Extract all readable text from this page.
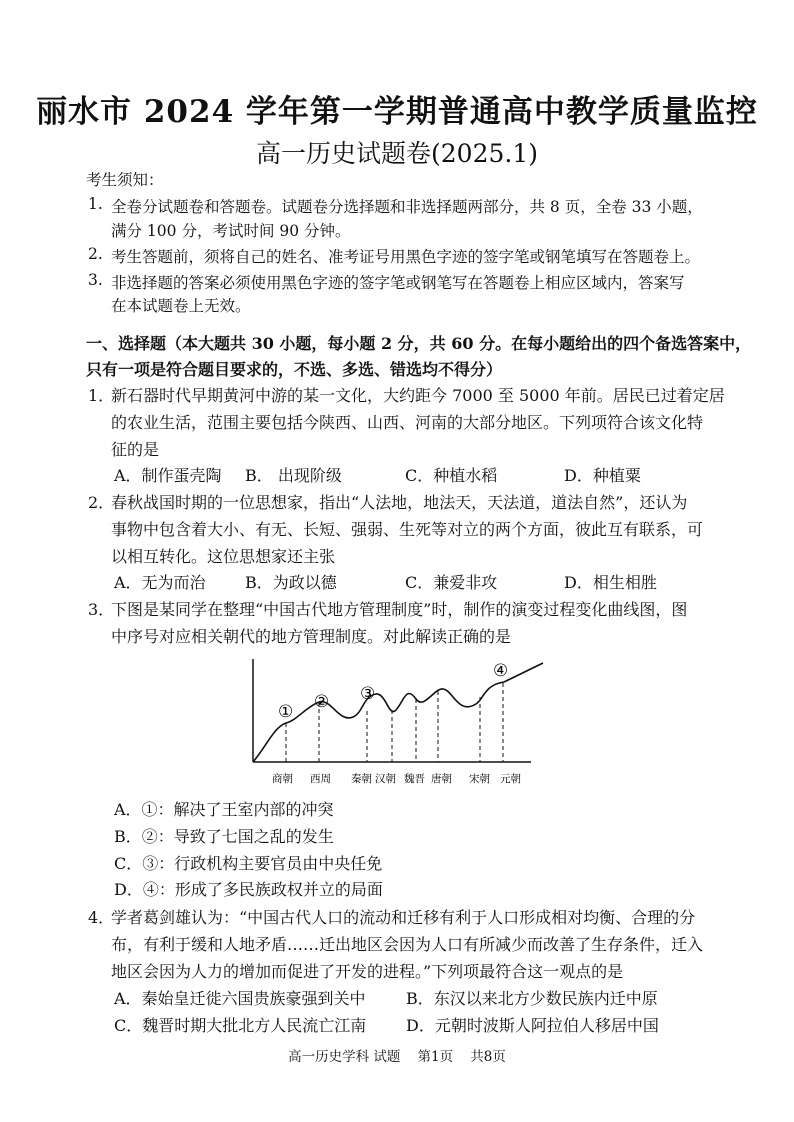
丽水市 2024 学年第一学期普通高中教学质量监控
高一历史试题卷(2025.1)
考生须知：
1. 全卷分试题卷和答题卷。试题卷分选择题和非选择题两部分，共 8 页，全卷 33 小题，
满分 100 分，考试时间 90 分钟。
2. 考生答题前，须将自己的姓名、准考证号用黑色字迹的签字笔或钢笔填写在答题卷上。
3. 非选择题的答案必须使用黑色字迹的签字笔或钢笔写在答题卷上相应区域内，答案写
在本试题卷上无效。
一、选择题（本大题共 30 小题，每小题 2 分，共 60 分。在每小题给出的四个备选答案中，
只有一项是符合题目要求的，不选、多选、错选均不得分）
1．
新石器时代早期黄河中游的某一文化，大约距今 7000 至 5000 年前。居民已过着定居
的农业生活，范围主要包括今陕西、山西、河南的大部分地区。下列项符合该文化特
征的是
A．制作蛋壳陶 B． 出现阶级	C．种植水稻	D．种植粟
2．
春秋战国时期的一位思想家，指出“人法地，地法天，天法道，道法自然”，还认为
事物中包含着大小、有无、长短、强弱、生死等对立的两个方面，彼此互有联系，可
以相互转化。这位思想家还主张
A．无为而治 B．为政以德	C．兼爱非攻	D．相生相胜
3．
下图是某同学在整理“中国古代地方管理制度”时，制作的演变过程变化曲线图，图
中序号对应相关朝代的地方管理制度。对此解读正确的是
① ② ③
④
商朝 西周 秦朝 汉朝 魏晋 唐朝 宋朝 元朝
A．①：解决了王室内部的冲突
B．②：导致了七国之乱的发生
C．③：行政机构主要官员由中央任免
D．④：形成了多民族政权并立的局面
4．
学者葛剑雄认为：“中国古代人口的流动和迁移有利于人口形成相对均衡、合理的分
布，有利于缓和人地矛盾……迁出地区会因为人口有所减少而改善了生存条件，迁入
地区会因为人力的增加而促进了开发的进程。”下列项最符合这一观点的是
A．秦始皇迁徙六国贵族豪强到关中	B．东汉以来北方少数民族内迁中原
C．魏晋时期大批北方人民流亡江南 D．元朝时波斯人阿拉伯人移居中国
高一历史学科 试题    第1页    共8页
